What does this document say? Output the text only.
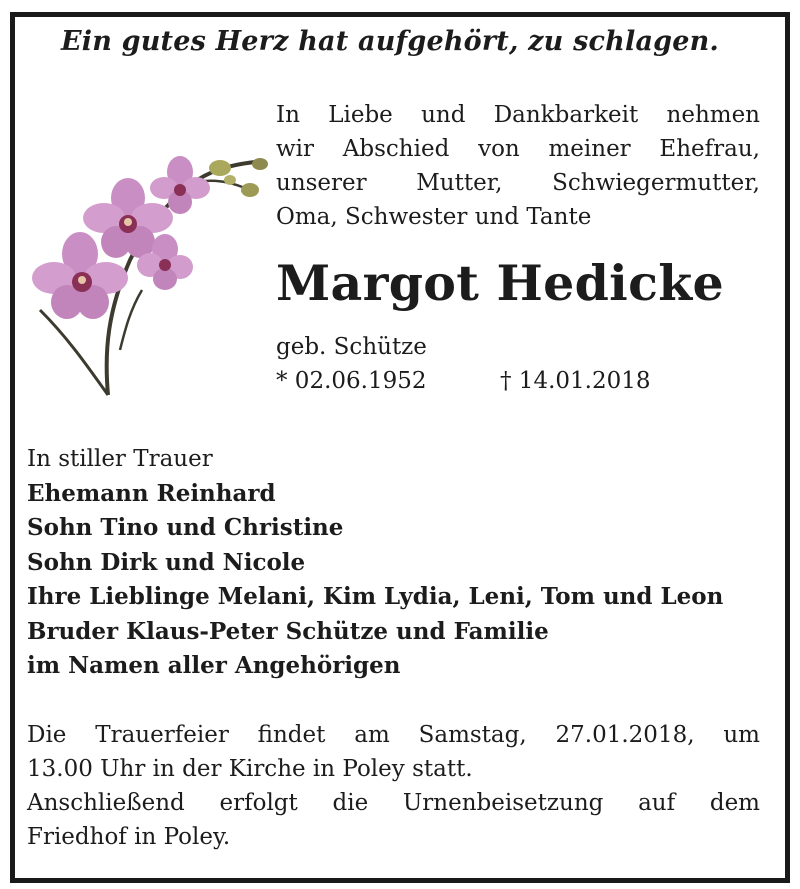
Ein gutes Herz hat aufgehört, zu schlagen.
In Liebe und Dankbarkeit nehmen
wir Abschied von meiner Ehefrau,
unserer Mutter, Schwiegermutter,
Oma, Schwester und Tante
Margot Hedicke
geb. Schütze
* 02.06.1952	† 14.01.2018
In stiller Trauer
Ehemann Reinhard
Sohn Tino und Christine
Sohn Dirk und Nicole
Ihre Lieblinge Melani, Kim Lydia, Leni, Tom und Leon
Bruder Klaus-Peter Schütze und Familie
im Namen aller Angehörigen
Die Trauerfeier findet am Samstag, 27.01.2018, um
13.00 Uhr in der Kirche in Poley statt.
Anschließend erfolgt die Urnenbeisetzung auf dem
Friedhof in Poley.
